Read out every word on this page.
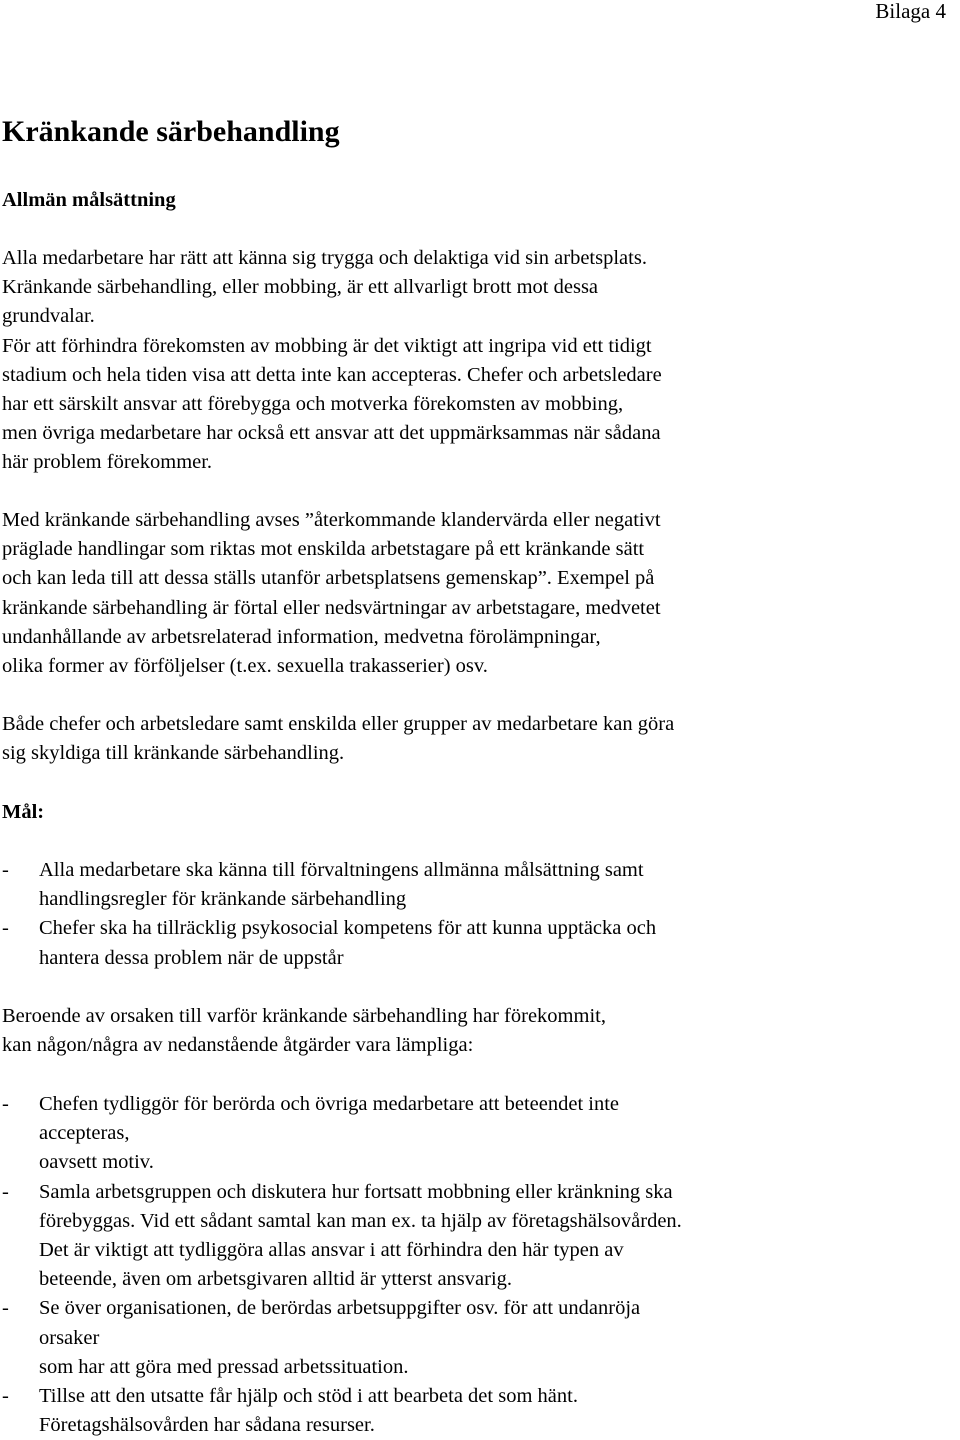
Bilaga 4

Kränkande särbehandling
Allmän målsättning

Alla medarbetare har rätt att känna sig trygga och delaktiga vid sin arbetsplats.
Kränkande särbehandling, eller mobbing, är ett allvarligt brott mot dessa
grundvalar.
För att förhindra förekomsten av mobbing är det viktigt att ingripa vid ett tidigt
stadium och hela tiden visa att detta inte kan accepteras. Chefer och arbetsledare
har ett särskilt ansvar att förebygga och motverka förekomsten av mobbing,
men övriga medarbetare har också ett ansvar att det uppmärksammas när sådana
här problem förekommer.

Med kränkande särbehandling avses ”återkommande klandervärda eller negativt
präglade handlingar som riktas mot enskilda arbetstagare på ett kränkande sätt
och kan leda till att dessa ställs utanför arbetsplatsens gemenskap”. Exempel på
kränkande särbehandling är förtal eller nedsvärtningar av arbetstagare, medvetet
undanhållande av arbetsrelaterad information, medvetna förolämpningar,
olika former av förföljelser (t.ex. sexuella trakasserier) osv.

Både chefer och arbetsledare samt enskilda eller grupper av medarbetare kan göra
sig skyldiga till kränkande särbehandling.

Mål:
- Alla medarbetare ska känna till förvaltningens allmänna målsättning samt
handlingsregler för kränkande särbehandling
- Chefer ska ha tillräcklig psykosocial kompetens för att kunna upptäcka och
hantera dessa problem när de uppstår

Beroende av orsaken till varför kränkande särbehandling har förekommit,
kan någon/några av nedanstående åtgärder vara lämpliga:

- Chefen tydliggör för berörda och övriga medarbetare att beteendet inte
accepteras,
oavsett motiv.
- Samla arbetsgruppen och diskutera hur fortsatt mobbning eller kränkning ska
förebyggas. Vid ett sådant samtal kan man ex. ta hjälp av företagshälsovården.
Det är viktigt att tydliggöra allas ansvar i att förhindra den här typen av
beteende, även om arbetsgivaren alltid är ytterst ansvarig.
- Se över organisationen, de berördas arbetsuppgifter osv. för att undanröja
orsaker
som har att göra med pressad arbetssituation.
- Tillse att den utsatte får hjälp och stöd i att bearbeta det som hänt.
Företagshälsovården har sådana resurser.
